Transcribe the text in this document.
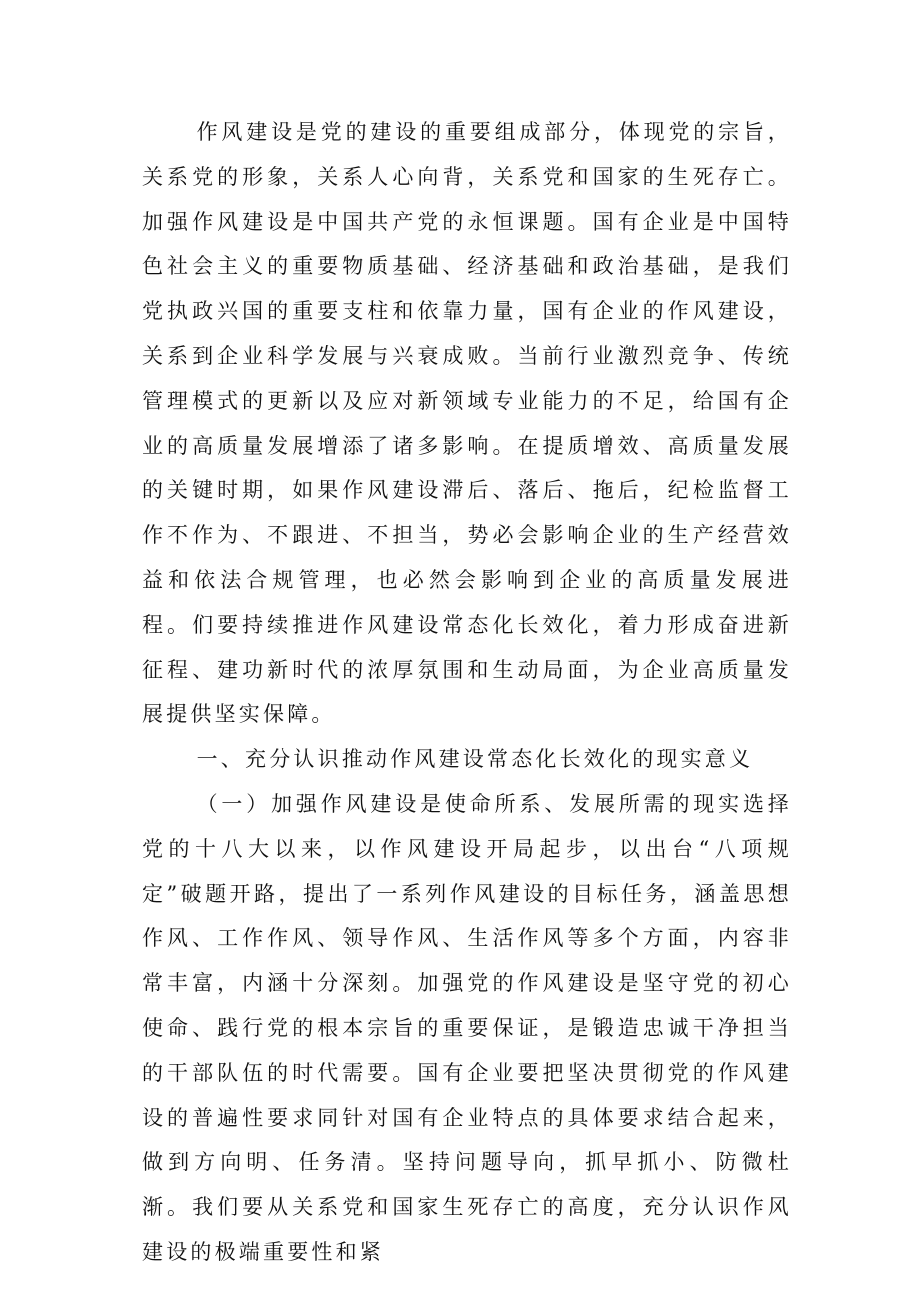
作风建设是党的建设的重要组成部分，体现党的宗旨，关系党的形象，关系人心向背，关系党和国家的生死存亡。加强作风建设是中国共产党的永恒课题。国有企业是中国特色社会主义的重要物质基础、经济基础和政治基础，是我们党执政兴国的重要支柱和依靠力量，国有企业的作风建设，关系到企业科学发展与兴衰成败。当前行业激烈竞争、传统管理模式的更新以及应对新领域专业能力的不足，给国有企业的高质量发展增添了诸多影响。在提质增效、高质量发展的关键时期，如果作风建设滞后、落后、拖后，纪检监督工作不作为、不跟进、不担当，势必会影响企业的生产经营效益和依法合规管理，也必然会影响到企业的高质量发展进程。们要持续推进作风建设常态化长效化，着力形成奋进新征程、建功新时代的浓厚氛围和生动局面，为企业高质量发展提供坚实保障。

一、充分认识推动作风建设常态化长效化的现实意义

（一）加强作风建设是使命所系、发展所需的现实选择党的十八大以来，以作风建设开局起步，以出台“八项规定”破题开路，提出了一系列作风建设的目标任务，涵盖思想作风、工作作风、领导作风、生活作风等多个方面，内容非常丰富，内涵十分深刻。加强党的作风建设是坚守党的初心使命、践行党的根本宗旨的重要保证，是锻造忠诚干净担当的干部队伍的时代需要。国有企业要把坚决贯彻党的作风建设的普遍性要求同针对国有企业特点的具体要求结合起来，做到方向明、任务清。坚持问题导向，抓早抓小、防微杜渐。我们要从关系党和国家生死存亡的高度，充分认识作风建设的极端重要性和紧
